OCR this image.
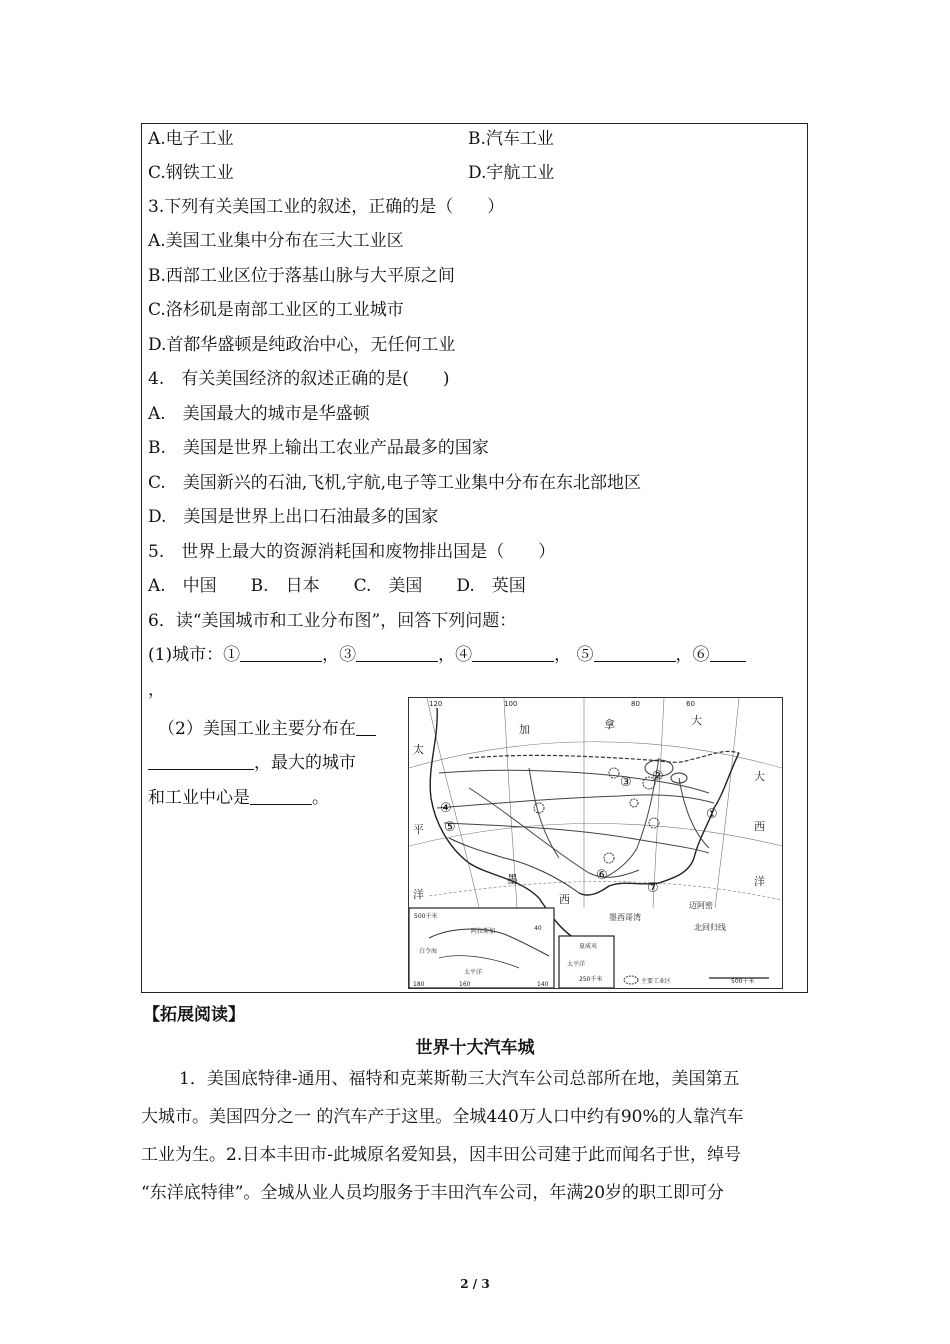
A.电子工业	B.汽车工业
C.钢铁工业	D.宇航工业
3.下列有关美国工业的叙述，正确的是（　　）
A.美国工业集中分布在三大工业区
B.西部工业区位于落基山脉与大平原之间
C.洛杉矶是南部工业区的工业城市
D.首都华盛顿是纯政治中心，无任何工业
4.　有关美国经济的叙述正确的是(　　)
A.　美国最大的城市是华盛顿
B.　美国是世界上输出工农业产品最多的国家
C.　美国新兴的石油,飞机,宇航,电子等工业集中分布在东北部地区
D.　美国是世界上出口石油最多的国家
5.　世界上最大的资源消耗国和废物排出国是（　　）
A.　中国　　B.　日本　　C.　美国　　D.　英国
6．读“美国城市和工业分布图”，回答下列问题：
(1)城市：①	，③	，④	， ⑤	，⑥
，
（2）美国工业主要分布在
，最大的城市
和工业中心是	。
120	100	80	60
加	拿	大
太
平
洋
大
西
洋
墨
西
墨西哥湾
迈阿密
北回归线
①
②
③
④
⑤
⑥
⑦
500千米
阿拉斯加
白令海
太平洋
180	160	140
40
太平洋
夏威夷
250千米	主要工业区	500千米
【拓展阅读】
世界十大汽车城
1．美国底特律-通用、福特和克莱斯勒三大汽车公司总部所在地，美国第五
大城市。美国四分之一 的汽车产于这里。全城440万人口中约有90%的人靠汽车
工业为生。2.日本丰田市-此城原名爱知县，因丰田公司建于此而闻名于世，绰号
“东洋底特律”。全城从业人员均服务于丰田汽车公司，年满20岁的职工即可分
2 / 3
